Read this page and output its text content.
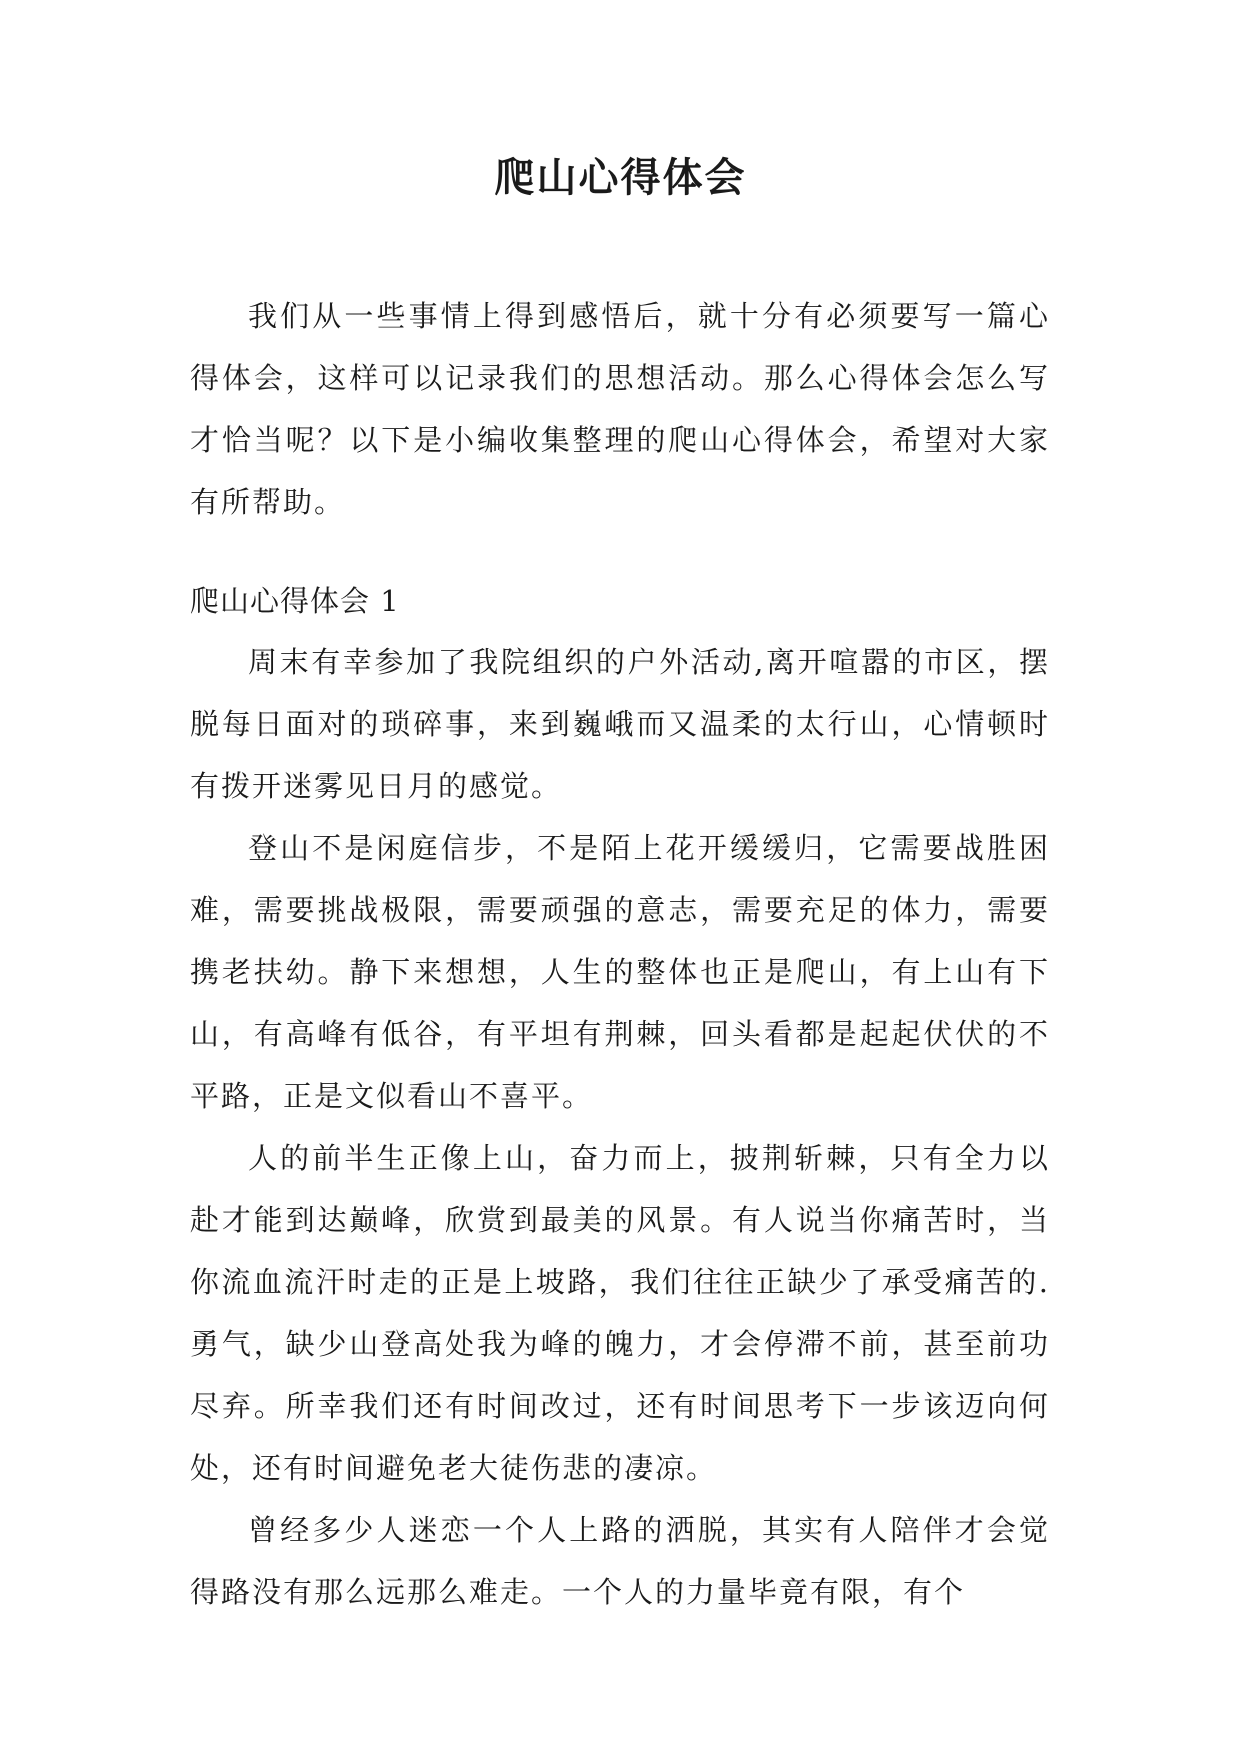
爬山心得体会

我们从一些事情上得到感悟后，就十分有必须要写一篇心得体会，这样可以记录我们的思想活动。那么心得体会怎么写才恰当呢？以下是小编收集整理的爬山心得体会，希望对大家有所帮助。

爬山心得体会 1

周末有幸参加了我院组织的户外活动,离开喧嚣的市区，摆脱每日面对的琐碎事，来到巍峨而又温柔的太行山，心情顿时有拨开迷雾见日月的感觉。

登山不是闲庭信步，不是陌上花开缓缓归，它需要战胜困难，需要挑战极限，需要顽强的意志，需要充足的体力，需要携老扶幼。静下来想想，人生的整体也正是爬山，有上山有下山，有高峰有低谷，有平坦有荆棘，回头看都是起起伏伏的不平路，正是文似看山不喜平。

人的前半生正像上山，奋力而上，披荆斩棘，只有全力以赴才能到达巅峰，欣赏到最美的风景。有人说当你痛苦时，当你流血流汗时走的正是上坡路，我们往往正缺少了承受痛苦的. 勇气，缺少山登高处我为峰的魄力，才会停滞不前，甚至前功尽弃。所幸我们还有时间改过，还有时间思考下一步该迈向何处，还有时间避免老大徒伤悲的凄凉。

曾经多少人迷恋一个人上路的洒脱，其实有人陪伴才会觉得路没有那么远那么难走。一个人的力量毕竟有限，有个
